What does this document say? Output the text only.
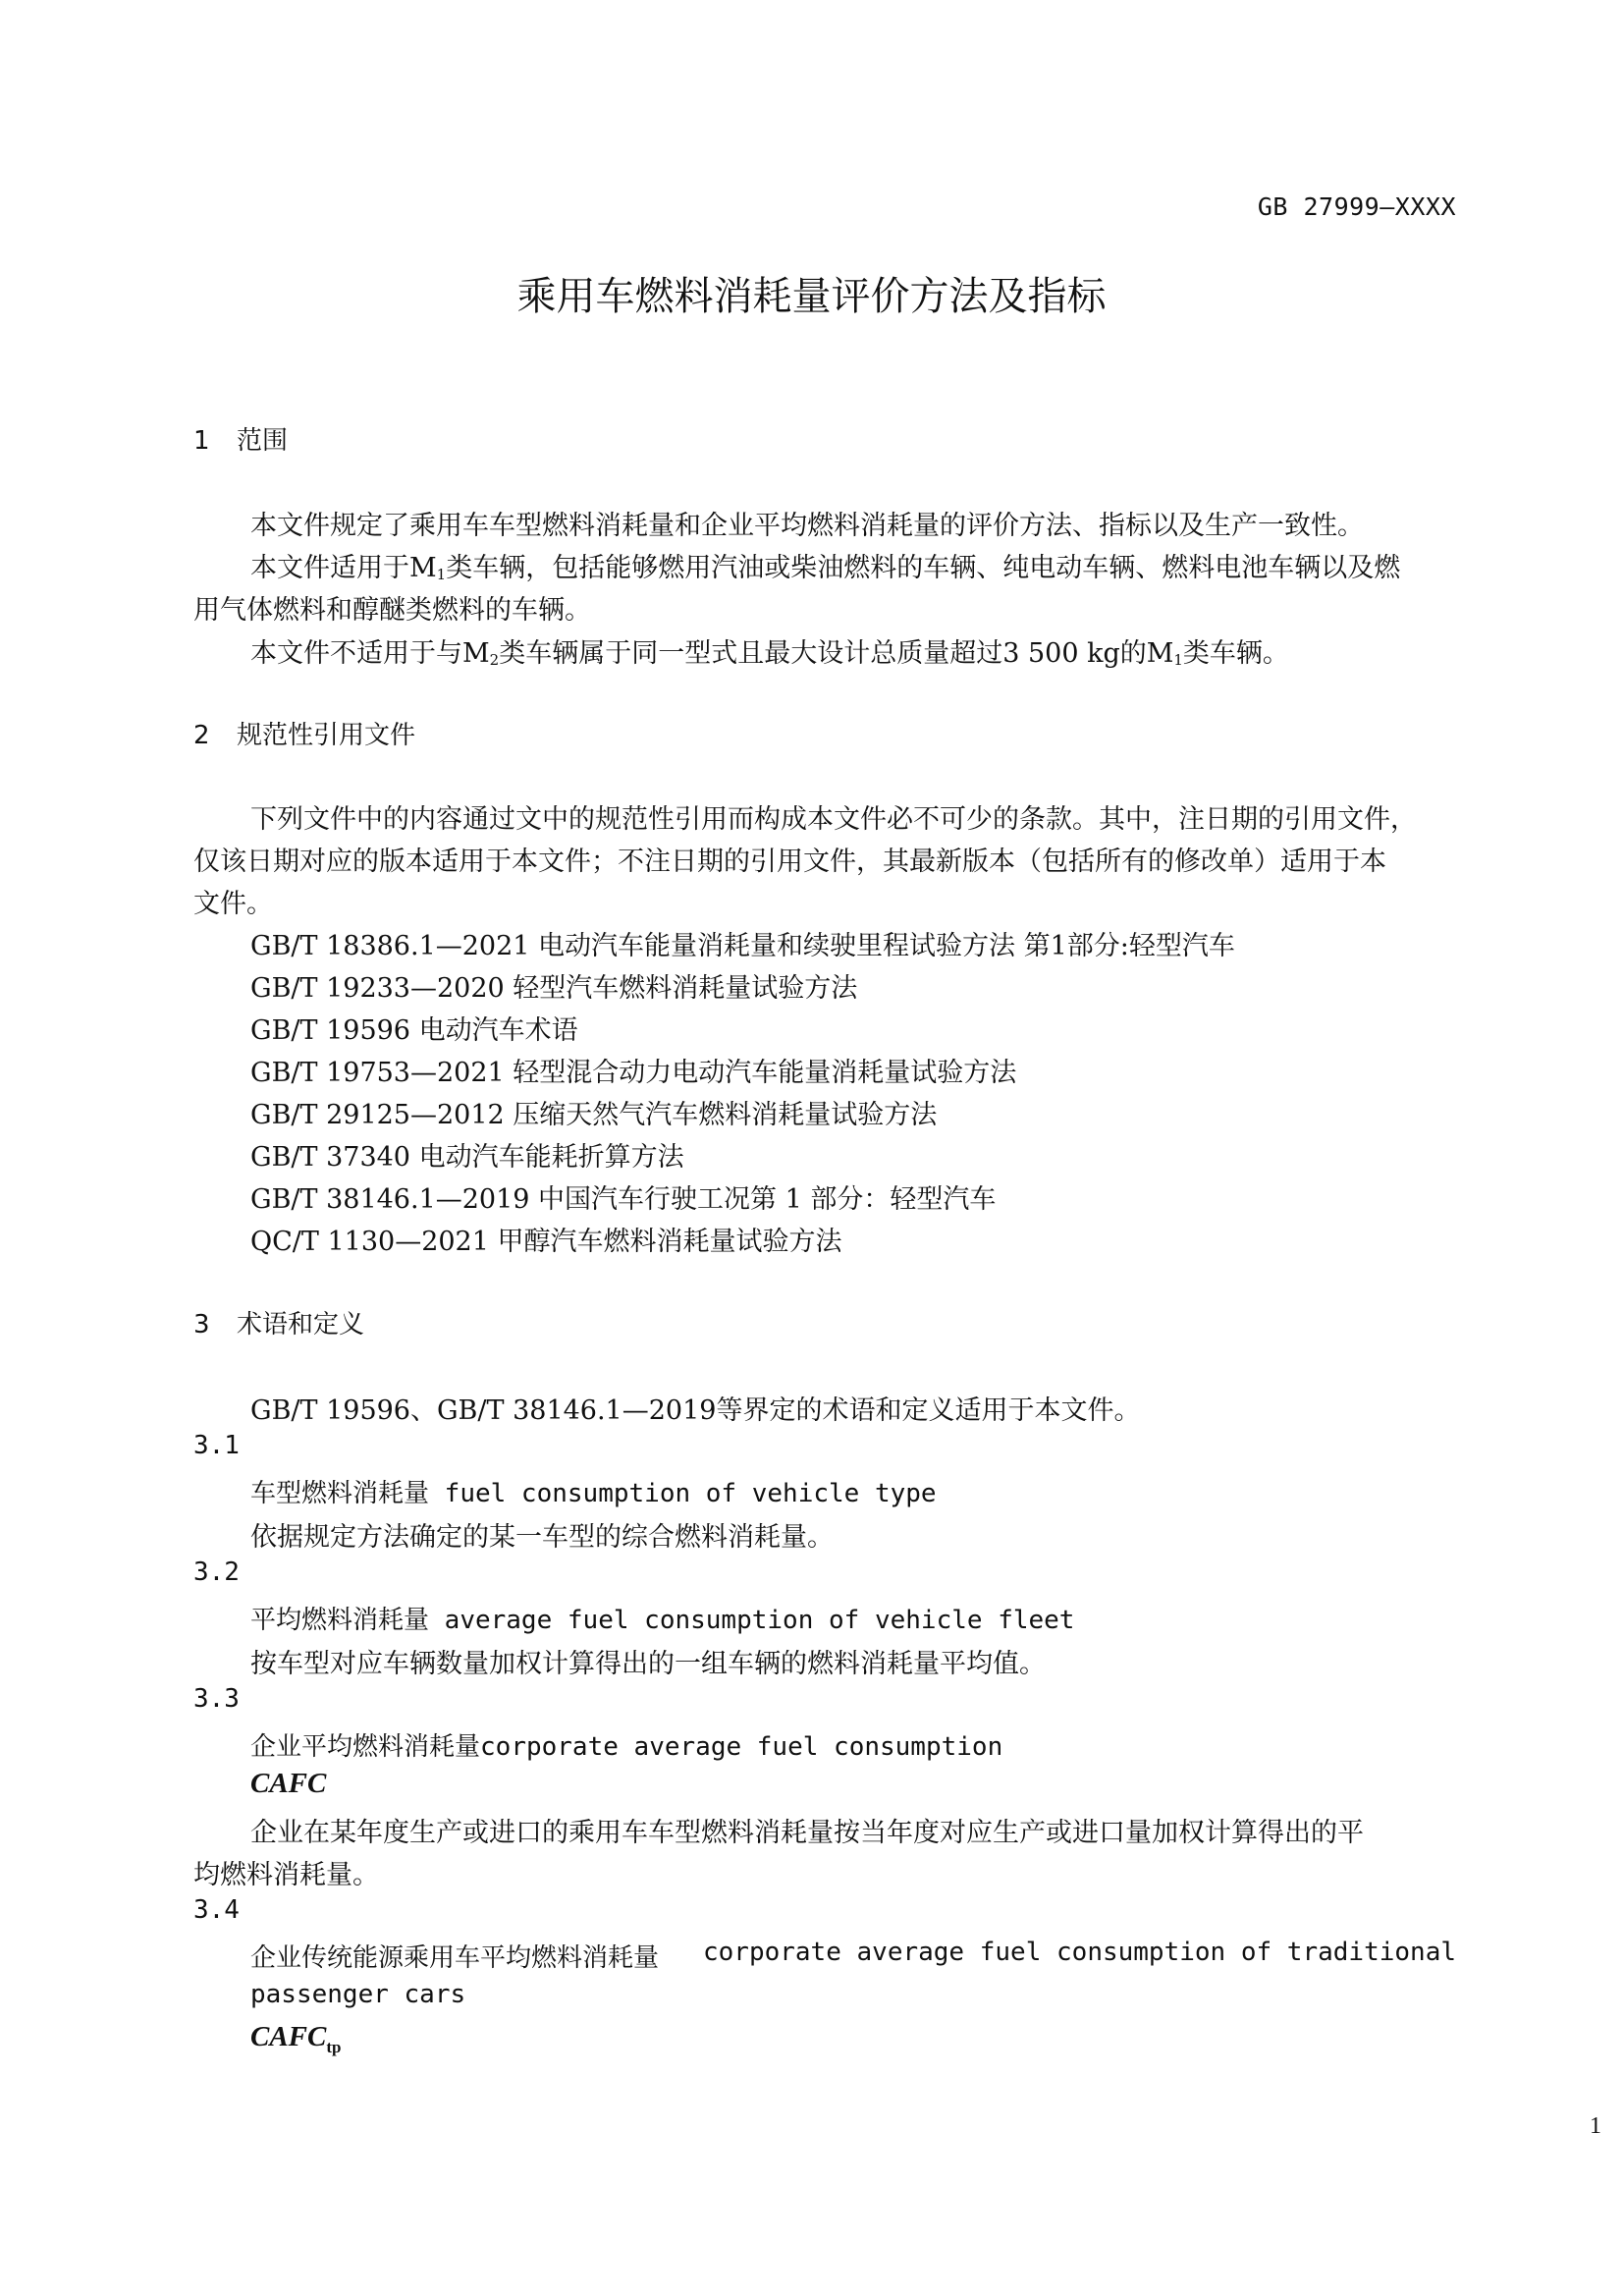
GB 27999—XXXX
乘用车燃料消耗量评价方法及指标
1 范围
本文件规定了乘用车车型燃料消耗量和企业平均燃料消耗量的评价方法、指标以及生产一致性。
本文件适用于$M_1$类车辆，包括能够燃用汽油或柴油燃料的车辆、纯电动车辆、燃料电池车辆以及燃
用气体燃料和醇醚类燃料的车辆。
本文件不适用于与$M_2$类车辆属于同一型式且最大设计总质量超过3 500 kg的$M_1$类车辆。
2 规范性引用文件
下列文件中的内容通过文中的规范性引用而构成本文件必不可少的条款。其中，注日期的引用文件，
仅该日期对应的版本适用于本文件；不注日期的引用文件，其最新版本（包括所有的修改单）适用于本
文件。
GB/T 18386.1—2021 电动汽车能量消耗量和续驶里程试验方法 第1部分:轻型汽车
GB/T 19233—2020 轻型汽车燃料消耗量试验方法
GB/T 19596 电动汽车术语
GB/T 19753—2021 轻型混合动力电动汽车能量消耗量试验方法
GB/T 29125—2012 压缩天然气汽车燃料消耗量试验方法
GB/T 37340 电动汽车能耗折算方法
GB/T 38146.1—2019 中国汽车行驶工况第 1 部分：轻型汽车
QC/T 1130—2021 甲醇汽车燃料消耗量试验方法
3 术语和定义
GB/T 19596、GB/T 38146.1—2019等界定的术语和定义适用于本文件。
3.1
车型燃料消耗量 fuel consumption of vehicle type
依据规定方法确定的某一车型的综合燃料消耗量。
3.2
平均燃料消耗量 average fuel consumption of vehicle fleet
按车型对应车辆数量加权计算得出的一组车辆的燃料消耗量平均值。
3.3
企业平均燃料消耗量corporate average fuel consumption
CAFC
企业在某年度生产或进口的乘用车车型燃料消耗量按当年度对应生产或进口量加权计算得出的平
均燃料消耗量。
3.4
企业传统能源乘用车平均燃料消耗量 corporate average fuel consumption of traditional
passenger cars
$CAFC_{tp}$
1
